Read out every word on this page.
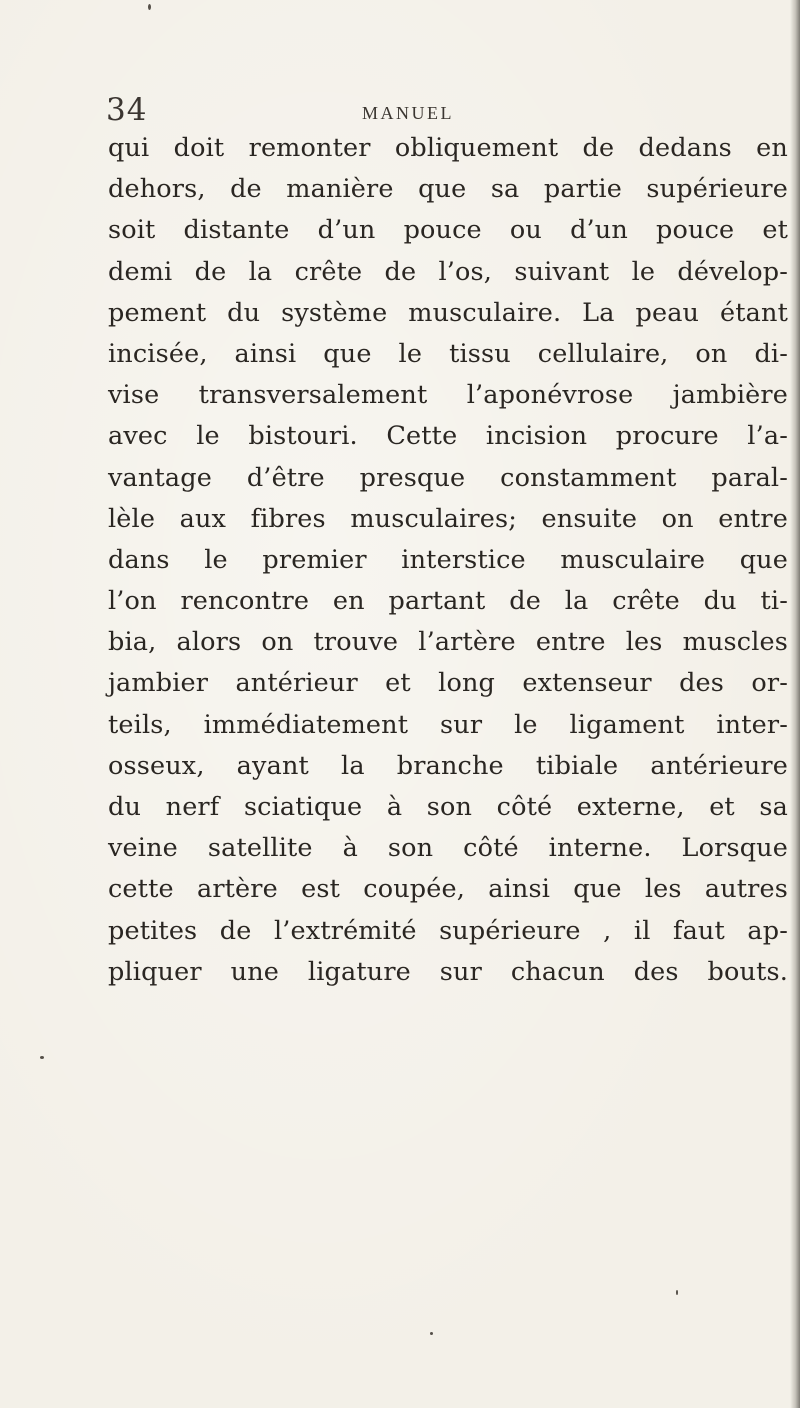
34	MANUEL
qui doit remonter obliquement de dedans en
dehors, de manière que sa partie supérieure
soit distante d’un pouce ou d’un pouce et
demi de la crête de l’os, suivant le dévelop-
pement du système musculaire. La peau étant
incisée, ainsi que le tissu cellulaire, on di-
vise transversalement l’aponévrose jambière
avec le bistouri. Cette incision procure l’a-
vantage d’être presque constamment paral-
lèle aux fibres musculaires; ensuite on entre
dans le premier interstice musculaire que
l’on rencontre en partant de la crête du ti-
bia, alors on trouve l’artère entre les muscles
jambier antérieur et long extenseur des or-
teils, immédiatement sur le ligament inter-
osseux, ayant la branche tibiale antérieure
du nerf sciatique à son côté externe, et sa
veine satellite à son côté interne. Lorsque
cette artère est coupée, ainsi que les autres
petites de l’extrémité supérieure , il faut ap-
pliquer une ligature sur chacun des bouts.
